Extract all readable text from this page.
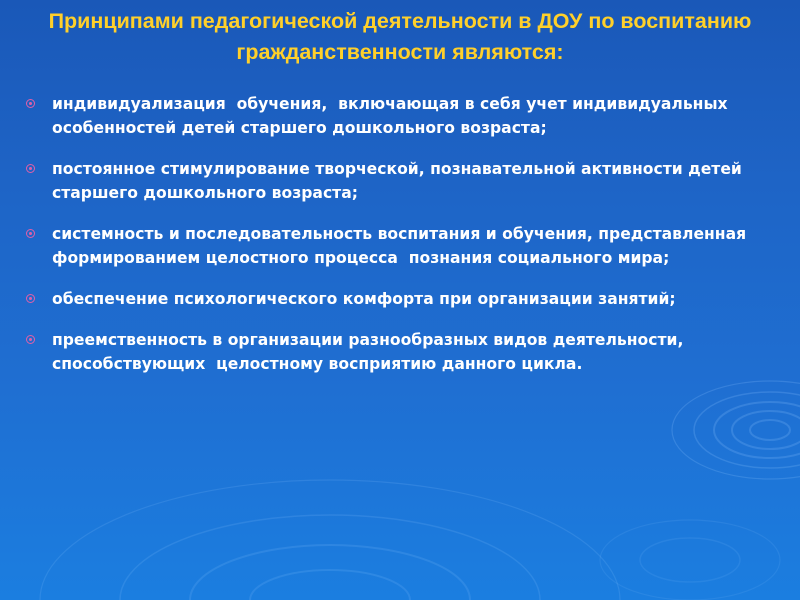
Принципами педагогической деятельности в ДОУ по воспитанию гражданственности являются:
индивидуализация  обучения,  включающая в себя учет индивидуальных особенностей детей старшего дошкольного возраста;
постоянное стимулирование творческой, познавательной активности детей старшего дошкольного возраста;
системность и последовательность воспитания и обучения, представленная  формированием целостного процесса  познания социального мира;
обеспечение психологического комфорта при организации занятий;
преемственность в организации разнообразных видов деятельности, способствующих  целостному восприятию данного цикла.
